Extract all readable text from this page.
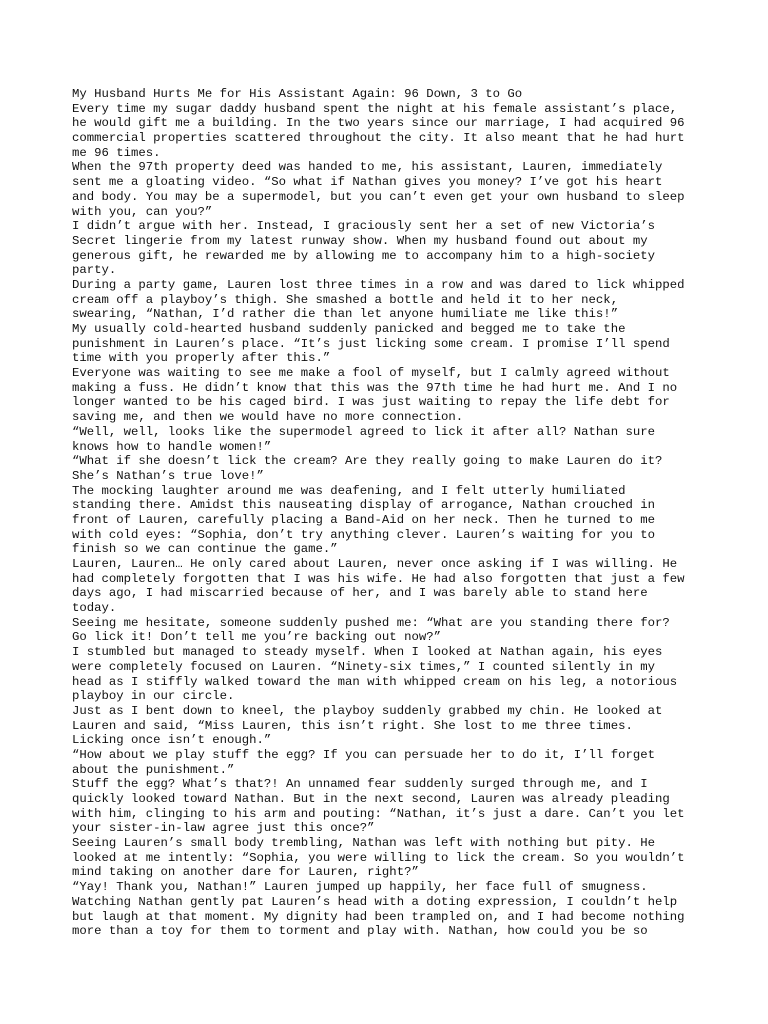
My Husband Hurts Me for His Assistant Again: 96 Down, 3 to Go
Every time my sugar daddy husband spent the night at his female assistant’s place,
he would gift me a building. In the two years since our marriage, I had acquired 96
commercial properties scattered throughout the city. It also meant that he had hurt
me 96 times.
When the 97th property deed was handed to me, his assistant, Lauren, immediately
sent me a gloating video. “So what if Nathan gives you money? I’ve got his heart
and body. You may be a supermodel, but you can’t even get your own husband to sleep
with you, can you?”
I didn’t argue with her. Instead, I graciously sent her a set of new Victoria’s
Secret lingerie from my latest runway show. When my husband found out about my
generous gift, he rewarded me by allowing me to accompany him to a high-society
party.
During a party game, Lauren lost three times in a row and was dared to lick whipped
cream off a playboy’s thigh. She smashed a bottle and held it to her neck,
swearing, “Nathan, I’d rather die than let anyone humiliate me like this!”
My usually cold-hearted husband suddenly panicked and begged me to take the
punishment in Lauren’s place. “It’s just licking some cream. I promise I’ll spend
time with you properly after this.”
Everyone was waiting to see me make a fool of myself, but I calmly agreed without
making a fuss. He didn’t know that this was the 97th time he had hurt me. And I no
longer wanted to be his caged bird. I was just waiting to repay the life debt for
saving me, and then we would have no more connection.
“Well, well, looks like the supermodel agreed to lick it after all? Nathan sure
knows how to handle women!”
“What if she doesn’t lick the cream? Are they really going to make Lauren do it?
She’s Nathan’s true love!”
The mocking laughter around me was deafening, and I felt utterly humiliated
standing there. Amidst this nauseating display of arrogance, Nathan crouched in
front of Lauren, carefully placing a Band-Aid on her neck. Then he turned to me
with cold eyes: “Sophia, don’t try anything clever. Lauren’s waiting for you to
finish so we can continue the game.”
Lauren, Lauren… He only cared about Lauren, never once asking if I was willing. He
had completely forgotten that I was his wife. He had also forgotten that just a few
days ago, I had miscarried because of her, and I was barely able to stand here
today.
Seeing me hesitate, someone suddenly pushed me: “What are you standing there for?
Go lick it! Don’t tell me you’re backing out now?”
I stumbled but managed to steady myself. When I looked at Nathan again, his eyes
were completely focused on Lauren. “Ninety-six times,” I counted silently in my
head as I stiffly walked toward the man with whipped cream on his leg, a notorious
playboy in our circle.
Just as I bent down to kneel, the playboy suddenly grabbed my chin. He looked at
Lauren and said, “Miss Lauren, this isn’t right. She lost to me three times.
Licking once isn’t enough.”
“How about we play stuff the egg? If you can persuade her to do it, I’ll forget
about the punishment.”
Stuff the egg? What’s that?! An unnamed fear suddenly surged through me, and I
quickly looked toward Nathan. But in the next second, Lauren was already pleading
with him, clinging to his arm and pouting: “Nathan, it’s just a dare. Can’t you let
your sister-in-law agree just this once?”
Seeing Lauren’s small body trembling, Nathan was left with nothing but pity. He
looked at me intently: “Sophia, you were willing to lick the cream. So you wouldn’t
mind taking on another dare for Lauren, right?”
“Yay! Thank you, Nathan!” Lauren jumped up happily, her face full of smugness.
Watching Nathan gently pat Lauren’s head with a doting expression, I couldn’t help
but laugh at that moment. My dignity had been trampled on, and I had become nothing
more than a toy for them to torment and play with. Nathan, how could you be so
